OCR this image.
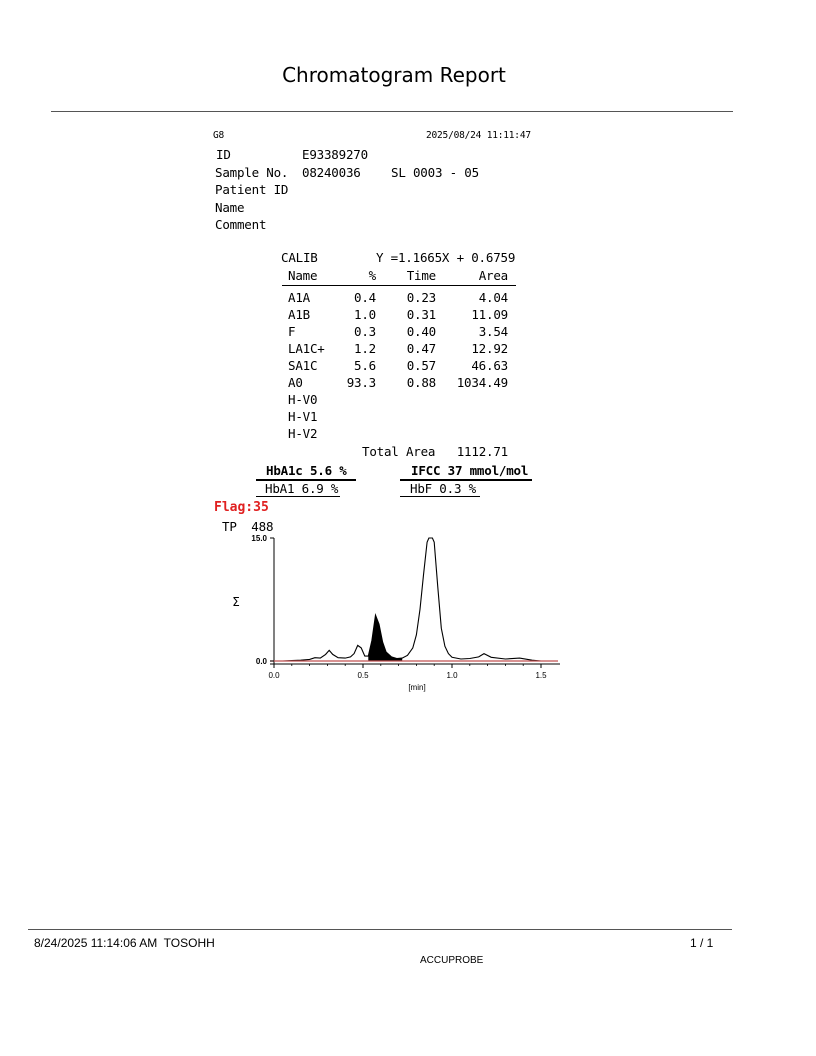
Chromatogram Report
G8	2025/08/24 11:11:47
ID	E93389270
Sample No. 08240036 SL 0003 - 05
Patient ID
Name
Comment
CALIB	Y =1.1665X + 0.6759
Name	%	Time	Area
A1A	0.4	0.23	4.04
A1B	1.0	0.31	11.09
F	0.3	0.40	3.54
LA1C+	1.2	0.47	12.92
SA1C	5.6	0.57	46.63
A0	93.3	0.88	1034.49
H-V0
H-V1
H-V2
Total Area	1112.71
HbA1c 5.6 %	IFCC 37 mmol/mol
HbA1 6.9 %	HbF 0.3 %
Flag:35
TP  488
0.0	0.5	1.0	1.5
0.0
15.0
Σ
[min]
8/24/2025 11:14:06 AM  TOSOHH	1 / 1
ACCUPROBE
